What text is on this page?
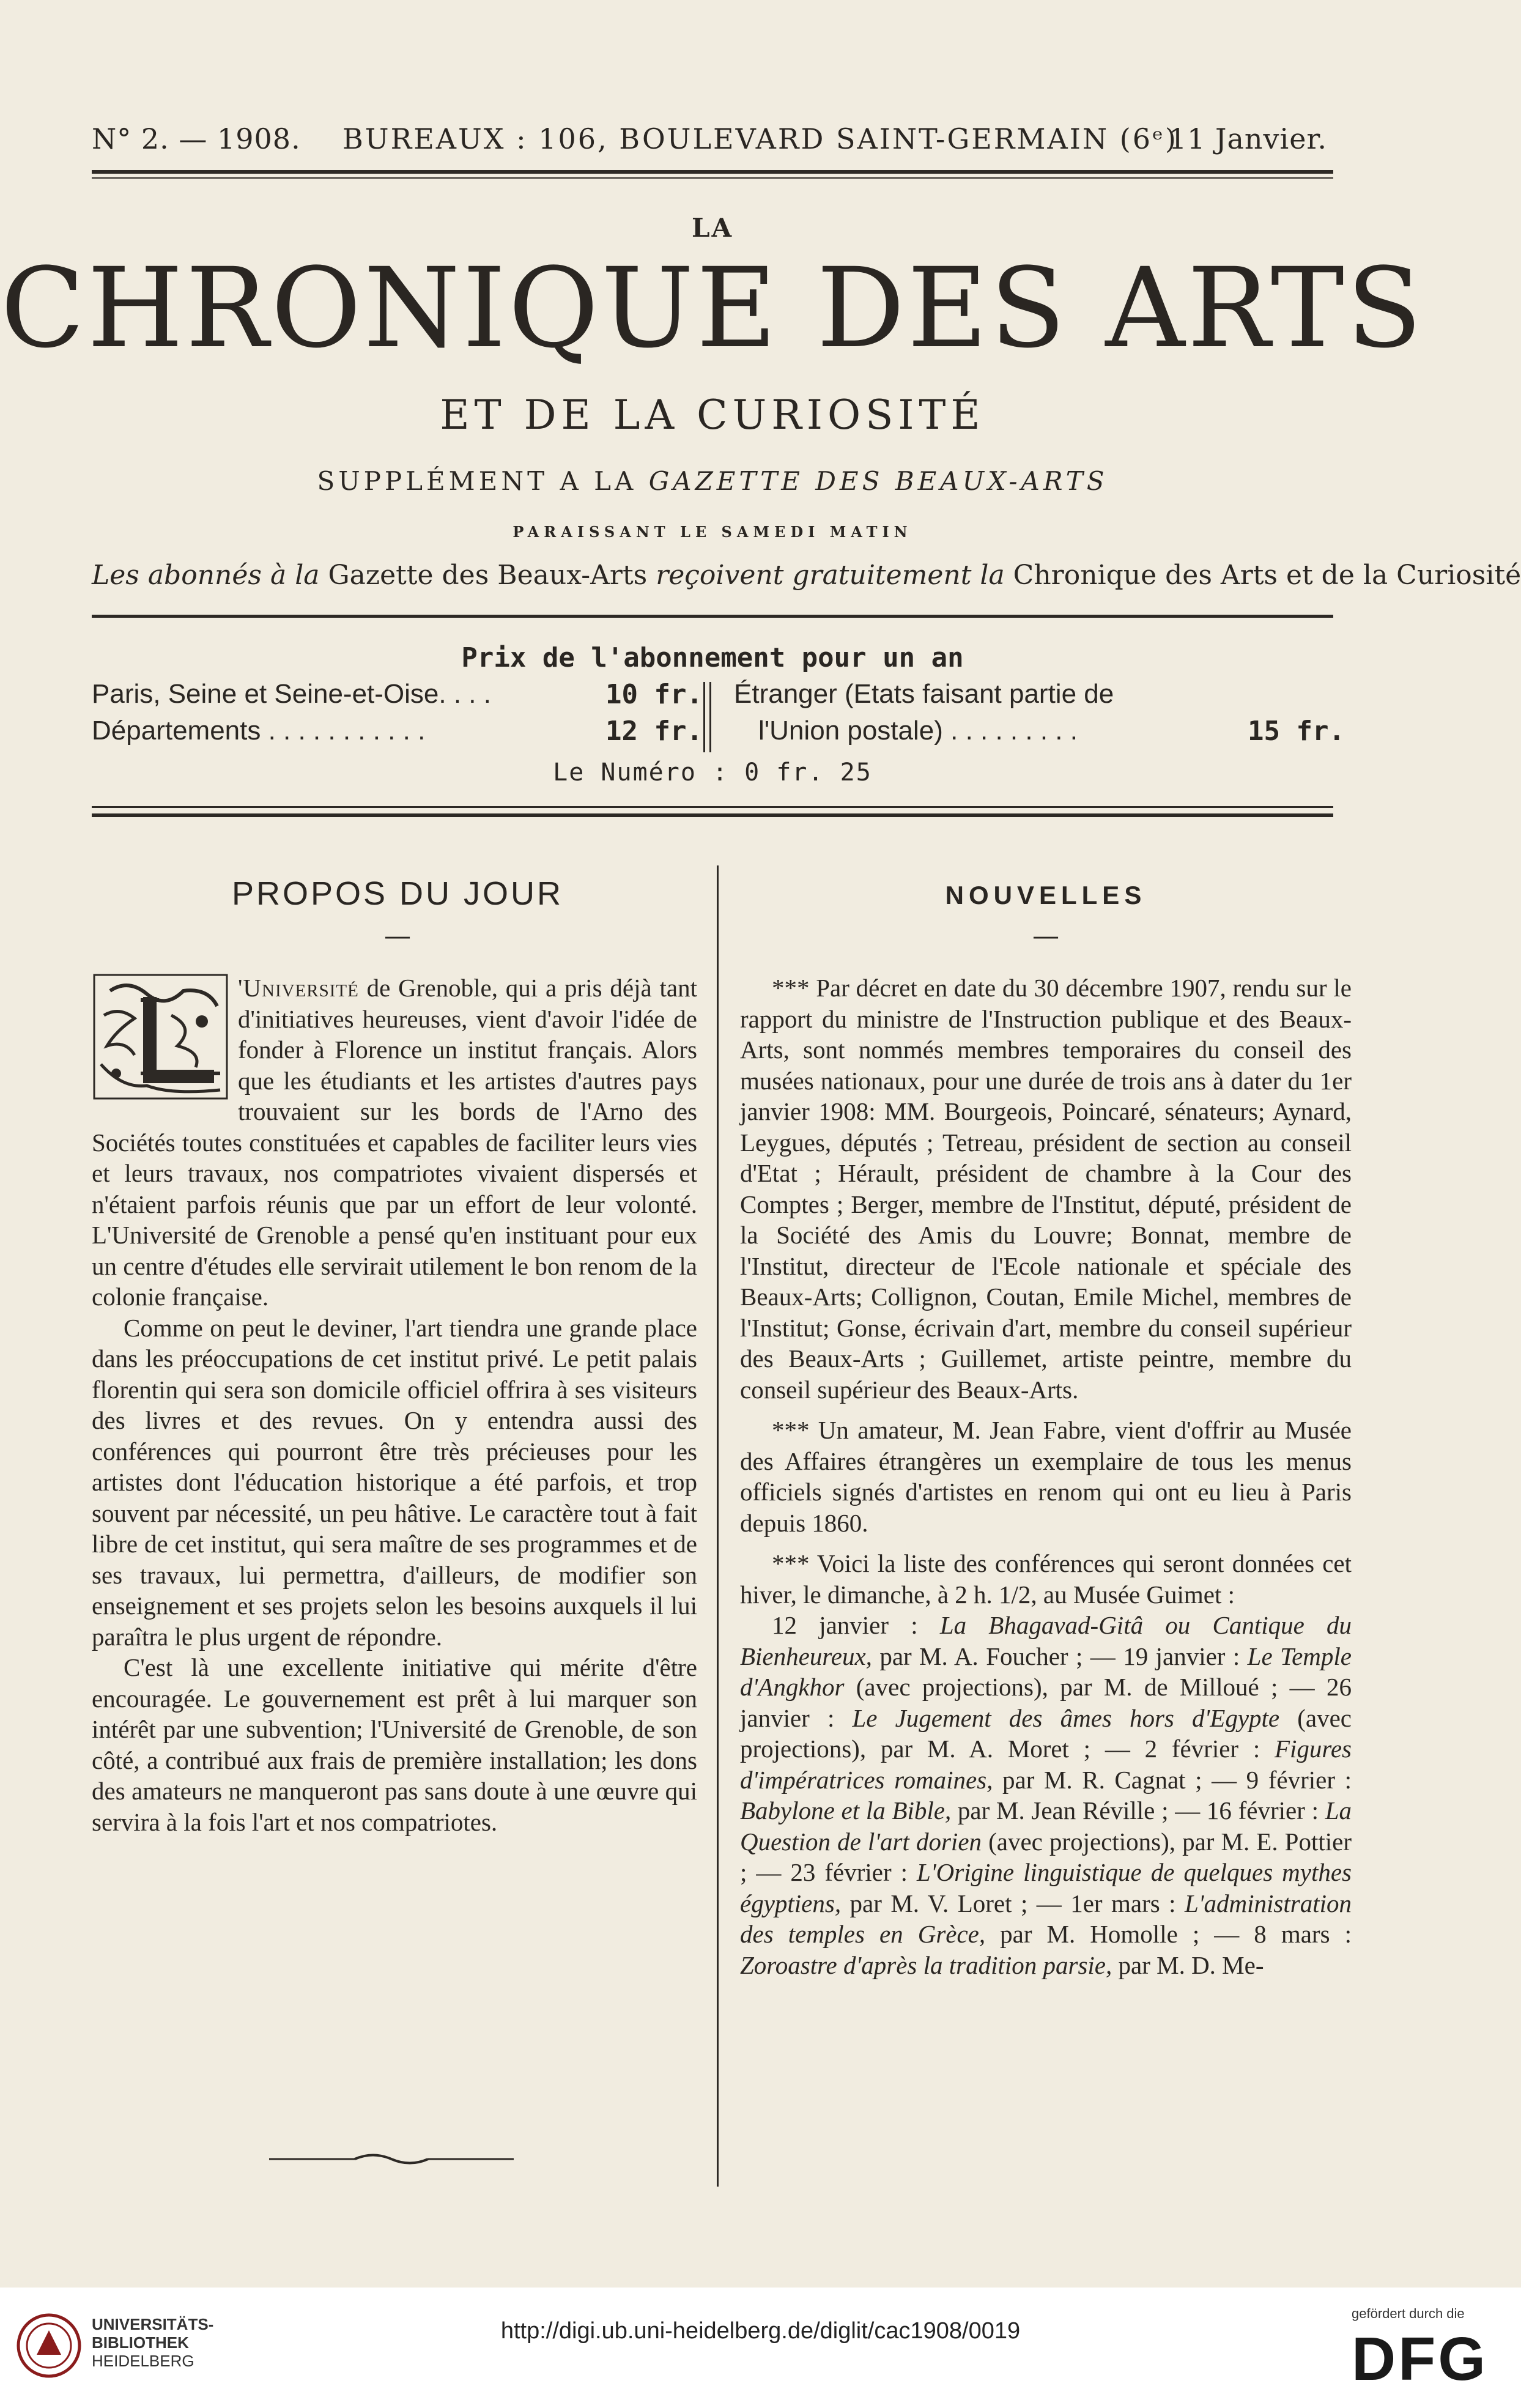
N° 2. — 1908. BUREAUX : 106, BOULEVARD SAINT-GERMAIN (6ᵉ)
11 Janvier.
LA
CHRONIQUE DES ARTS
ET DE LA CURIOSITÉ
SUPPLÉMENT A LA GAZETTE DES BEAUX-ARTS
PARAISSANT LE SAMEDI MATIN
Les abonnés à la Gazette des Beaux-Arts reçoivent gratuitement la Chronique des Arts et de la Curiosité
Prix de l'abonnement pour un an
Paris, Seine et Seine-et-Oise. . . .	10 fr.
Départements . . . . . . . . . . .	12 fr.
Étranger (Etats faisant partie de
l'Union postale) . . . . . . . . .	15 fr.
Le Numéro : 0 fr. 25
PROPOS DU JOUR
—

'Université de Grenoble, qui a pris déjà tant d'initiatives heureuses, vient d'avoir l'idée de fonder à Florence un institut français. Alors que les étudiants et les artistes d'autres pays trouvaient sur les bords de l'Arno des Sociétés toutes constituées et capables de faciliter leurs vies et leurs travaux, nos compatriotes vivaient dispersés et n'étaient parfois réunis que par un effort de leur volonté. L'Université de Grenoble a pensé qu'en instituant pour eux un centre d'études elle servirait utilement le bon renom de la colonie française.

Comme on peut le deviner, l'art tiendra une grande place dans les préoccupations de cet institut privé. Le petit palais florentin qui sera son domicile officiel offrira à ses visiteurs des livres et des revues. On y entendra aussi des conférences qui pourront être très précieuses pour les artistes dont l'éducation historique a été parfois, et trop souvent par nécessité, un peu hâtive. Le caractère tout à fait libre de cet institut, qui sera maître de ses programmes et de ses travaux, lui permettra, d'ailleurs, de modifier son enseignement et ses projets selon les besoins auxquels il lui paraîtra le plus urgent de répondre.

C'est là une excellente initiative qui mérite d'être encouragée. Le gouvernement est prêt à lui marquer son intérêt par une subvention; l'Université de Grenoble, de son côté, a contribué aux frais de première installation; les dons des amateurs ne manqueront pas sans doute à une œuvre qui servira à la fois l'art et nos compatriotes.

NOUVELLES
—

*** Par décret en date du 30 décembre 1907, rendu sur le rapport du ministre de l'Instruction publique et des Beaux-Arts, sont nommés membres temporaires du conseil des musées nationaux, pour une durée de trois ans à dater du 1er janvier 1908: MM. Bourgeois, Poincaré, sénateurs; Aynard, Leygues, députés ; Tetreau, président de section au conseil d'Etat ; Hérault, président de chambre à la Cour des Comptes ; Berger, membre de l'Institut, député, président de la Société des Amis du Louvre; Bonnat, membre de l'Institut, directeur de l'Ecole nationale et spéciale des Beaux-Arts; Collignon, Coutan, Emile Michel, membres de l'Institut; Gonse, écrivain d'art, membre du conseil supérieur des Beaux-Arts ; Guillemet, artiste peintre, membre du conseil supérieur des Beaux-Arts.

*** Un amateur, M. Jean Fabre, vient d'offrir au Musée des Affaires étrangères un exemplaire de tous les menus officiels signés d'artistes en renom qui ont eu lieu à Paris depuis 1860.

*** Voici la liste des conférences qui seront données cet hiver, le dimanche, à 2 h. 1/2, au Musée Guimet :

12 janvier : La Bhagavad-Gitâ ou Cantique du Bienheureux, par M. A. Foucher ; — 19 janvier : Le Temple d'Angkhor (avec projections), par M. de Milloué ; — 26 janvier : Le Jugement des âmes hors d'Egypte (avec projections), par M. A. Moret ; — 2 février : Figures d'impératrices romaines, par M. R. Cagnat ; — 9 février : Babylone et la Bible, par M. Jean Réville ; — 16 février : La Question de l'art dorien (avec projections), par M. E. Pottier ; — 23 février : L'Origine linguistique de quelques mythes égyptiens, par M. V. Loret ; — 1er mars : L'administration des temples en Grèce, par M. Homolle ; — 8 mars : Zoroastre d'après la tradition parsie, par M. D. Me-

UNIVERSITÄTS-
BIBLIOTHEK
HEIDELBERG
http://digi.ub.uni-heidelberg.de/diglit/cac1908/0019
gefördert durch die
DFG
